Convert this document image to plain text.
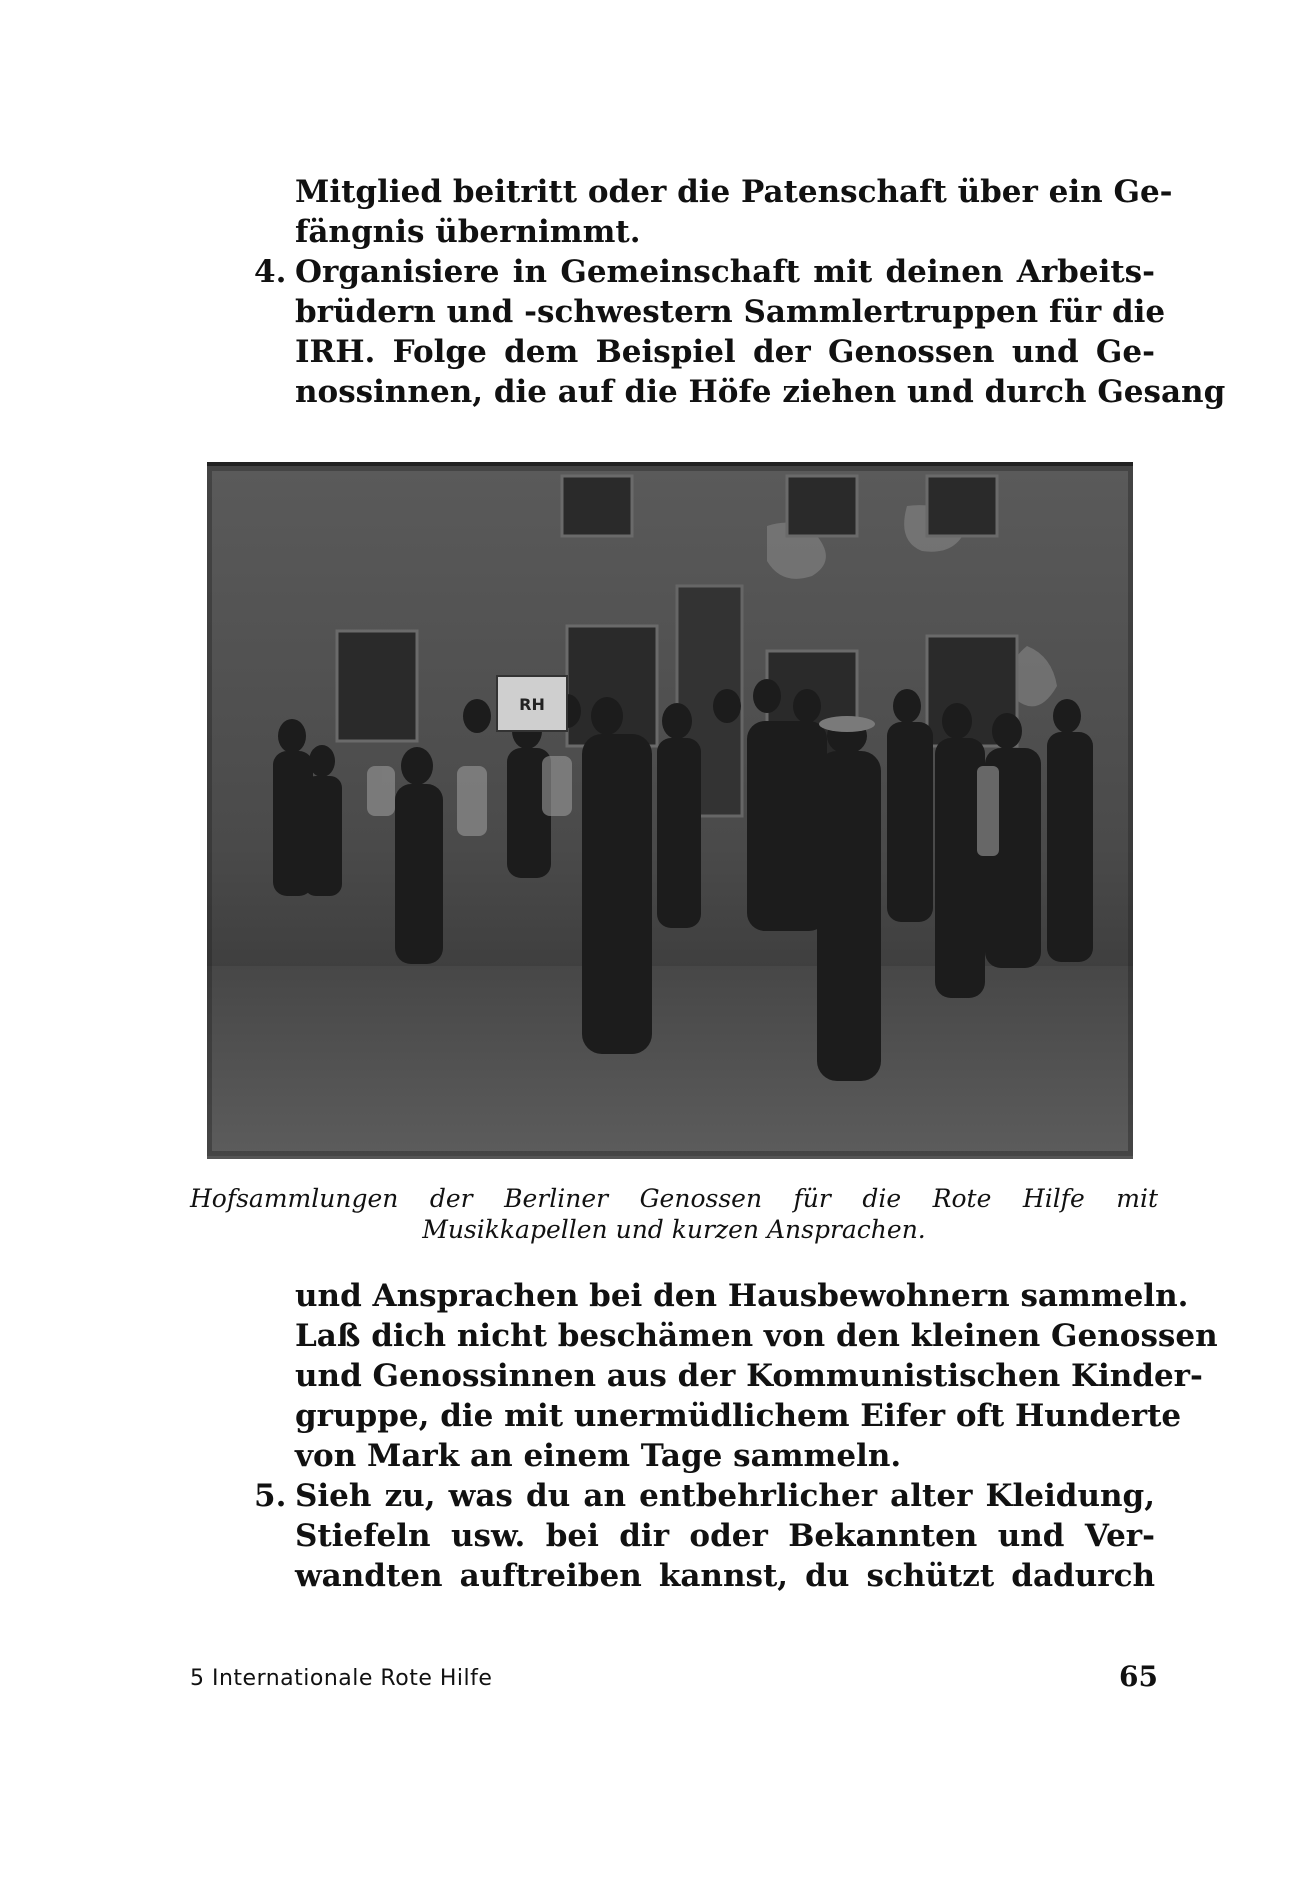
Mitglied beitritt oder die Patenschaft über ein Ge-
fängnis übernimmt.
4. Organisiere in Gemeinschaft mit deinen Arbeits-
brüdern und -schwestern Sammlertruppen für die
IRH. Folge dem Beispiel der Genossen und Ge-
nossinnen, die auf die Höfe ziehen und durch Gesang
RH
Hofsammlungen der Berliner Genossen für die Rote Hilfe mit
Musikkapellen und kurzen Ansprachen.
und Ansprachen bei den Hausbewohnern sammeln.
Laß dich nicht beschämen von den kleinen Genossen
und Genossinnen aus der Kommunistischen Kinder-
gruppe, die mit unermüdlichem Eifer oft Hunderte
von Mark an einem Tage sammeln.
5. Sieh zu, was du an entbehrlicher alter Kleidung,
Stiefeln usw. bei dir oder Bekannten und Ver-
wandten auftreiben kannst, du schützt dadurch
5 Internationale Rote Hilfe	65
